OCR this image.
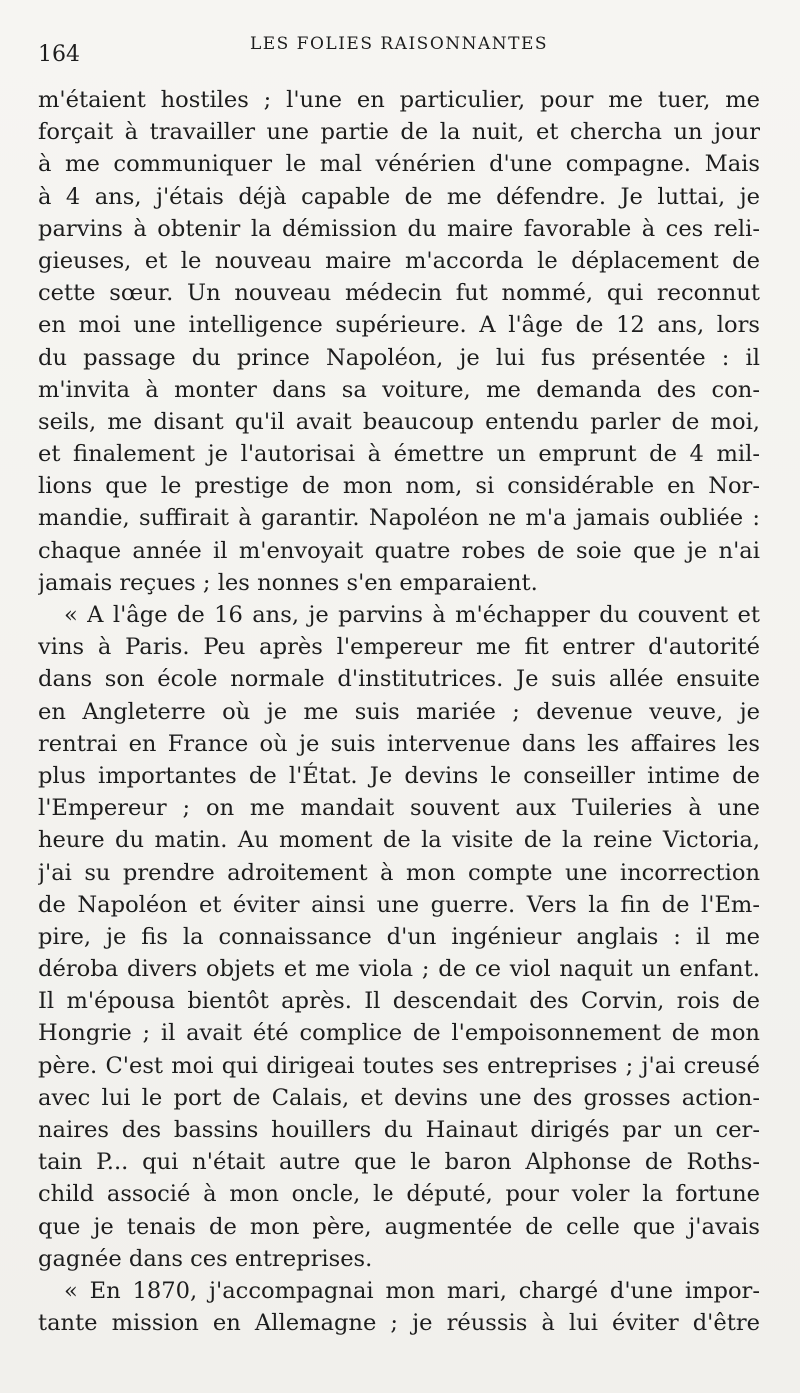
164	LES FOLIES RAISONNANTES
m'étaient hostiles ; l'une en particulier, pour me tuer, me
forçait à travailler une partie de la nuit, et chercha un jour
à me communiquer le mal vénérien d'une compagne. Mais
à 4 ans, j'étais déjà capable de me défendre. Je luttai, je
parvins à obtenir la démission du maire favorable à ces reli-
gieuses, et le nouveau maire m'accorda le déplacement de
cette sœur. Un nouveau médecin fut nommé, qui reconnut
en moi une intelligence supérieure. A l'âge de 12 ans, lors
du passage du prince Napoléon, je lui fus présentée : il
m'invita à monter dans sa voiture, me demanda des con-
seils, me disant qu'il avait beaucoup entendu parler de moi,
et finalement je l'autorisai à émettre un emprunt de 4 mil-
lions que le prestige de mon nom, si considérable en Nor-
mandie, suffirait à garantir. Napoléon ne m'a jamais oubliée :
chaque année il m'envoyait quatre robes de soie que je n'ai
jamais reçues ; les nonnes s'en emparaient.
« A l'âge de 16 ans, je parvins à m'échapper du couvent et
vins à Paris. Peu après l'empereur me fit entrer d'autorité
dans son école normale d'institutrices. Je suis allée ensuite
en Angleterre où je me suis mariée ; devenue veuve, je
rentrai en France où je suis intervenue dans les affaires les
plus importantes de l'État. Je devins le conseiller intime de
l'Empereur ; on me mandait souvent aux Tuileries à une
heure du matin. Au moment de la visite de la reine Victoria,
j'ai su prendre adroitement à mon compte une incorrection
de Napoléon et éviter ainsi une guerre. Vers la fin de l'Em-
pire, je fis la connaissance d'un ingénieur anglais : il me
déroba divers objets et me viola ; de ce viol naquit un enfant.
Il m'épousa bientôt après. Il descendait des Corvin, rois de
Hongrie ; il avait été complice de l'empoisonnement de mon
père. C'est moi qui dirigeai toutes ses entreprises ; j'ai creusé
avec lui le port de Calais, et devins une des grosses action-
naires des bassins houillers du Hainaut dirigés par un cer-
tain P... qui n'était autre que le baron Alphonse de Roths-
child associé à mon oncle, le député, pour voler la fortune
que je tenais de mon père, augmentée de celle que j'avais
gagnée dans ces entreprises.
« En 1870, j'accompagnai mon mari, chargé d'une impor-
tante mission en Allemagne ; je réussis à lui éviter d'être
